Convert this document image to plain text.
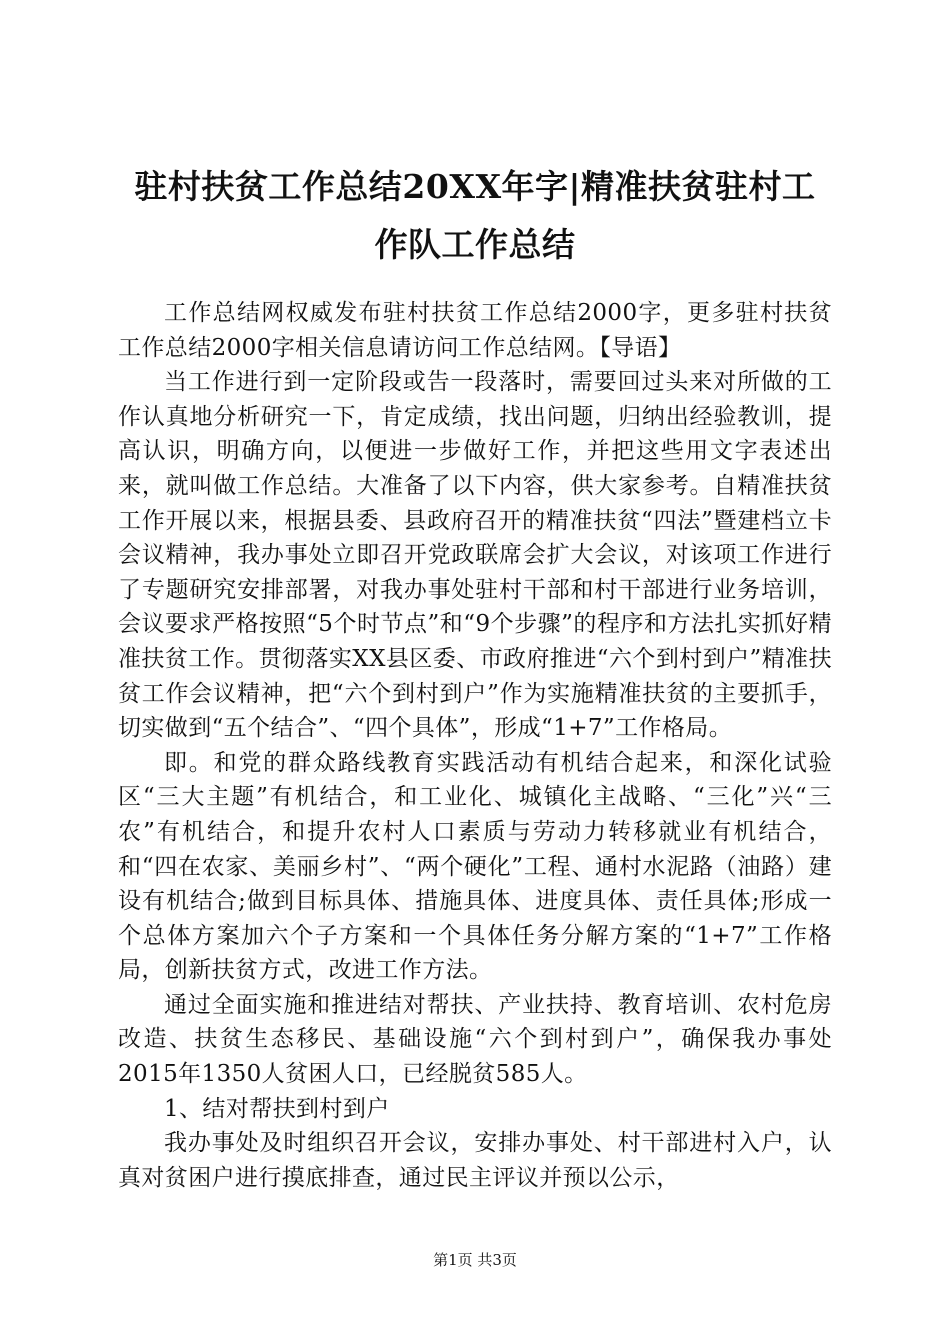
驻村扶贫工作总结20XX年字|精准扶贫驻村工作队工作总结

工作总结网权威发布驻村扶贫工作总结2000字，更多驻村扶贫工作总结2000字相关信息请访问工作总结网。【导语】

当工作进行到一定阶段或告一段落时，需要回过头来对所做的工作认真地分析研究一下，肯定成绩，找出问题，归纳出经验教训，提高认识，明确方向，以便进一步做好工作，并把这些用文字表述出来，就叫做工作总结。大准备了以下内容，供大家参考。自精准扶贫工作开展以来，根据县委、县政府召开的精准扶贫“四法”暨建档立卡会议精神，我办事处立即召开党政联席会扩大会议，对该项工作进行了专题研究安排部署，对我办事处驻村干部和村干部进行业务培训，会议要求严格按照“5个时节点”和“9个步骤”的程序和方法扎实抓好精准扶贫工作。贯彻落实XX县区委、市政府推进“六个到村到户”精准扶贫工作会议精神，把“六个到村到户”作为实施精准扶贫的主要抓手，切实做到“五个结合”、“四个具体”，形成“1+7”工作格局。

即。和党的群众路线教育实践活动有机结合起来，和深化试验区“三大主题”有机结合，和工业化、城镇化主战略、“三化”兴“三农”有机结合，和提升农村人口素质与劳动力转移就业有机结合，和“四在农家、美丽乡村”、“两个硬化”工程、通村水泥路（油路）建设有机结合;做到目标具体、措施具体、进度具体、责任具体;形成一个总体方案加六个子方案和一个具体任务分解方案的“1+7”工作格局，创新扶贫方式，改进工作方法。

通过全面实施和推进结对帮扶、产业扶持、教育培训、农村危房改造、扶贫生态移民、基础设施“六个到村到户”，确保我办事处2015年1350人贫困人口，已经脱贫585人。

1、结对帮扶到村到户

我办事处及时组织召开会议，安排办事处、村干部进村入户，认真对贫困户进行摸底排查，通过民主评议并预以公示，

第1页 共3页
